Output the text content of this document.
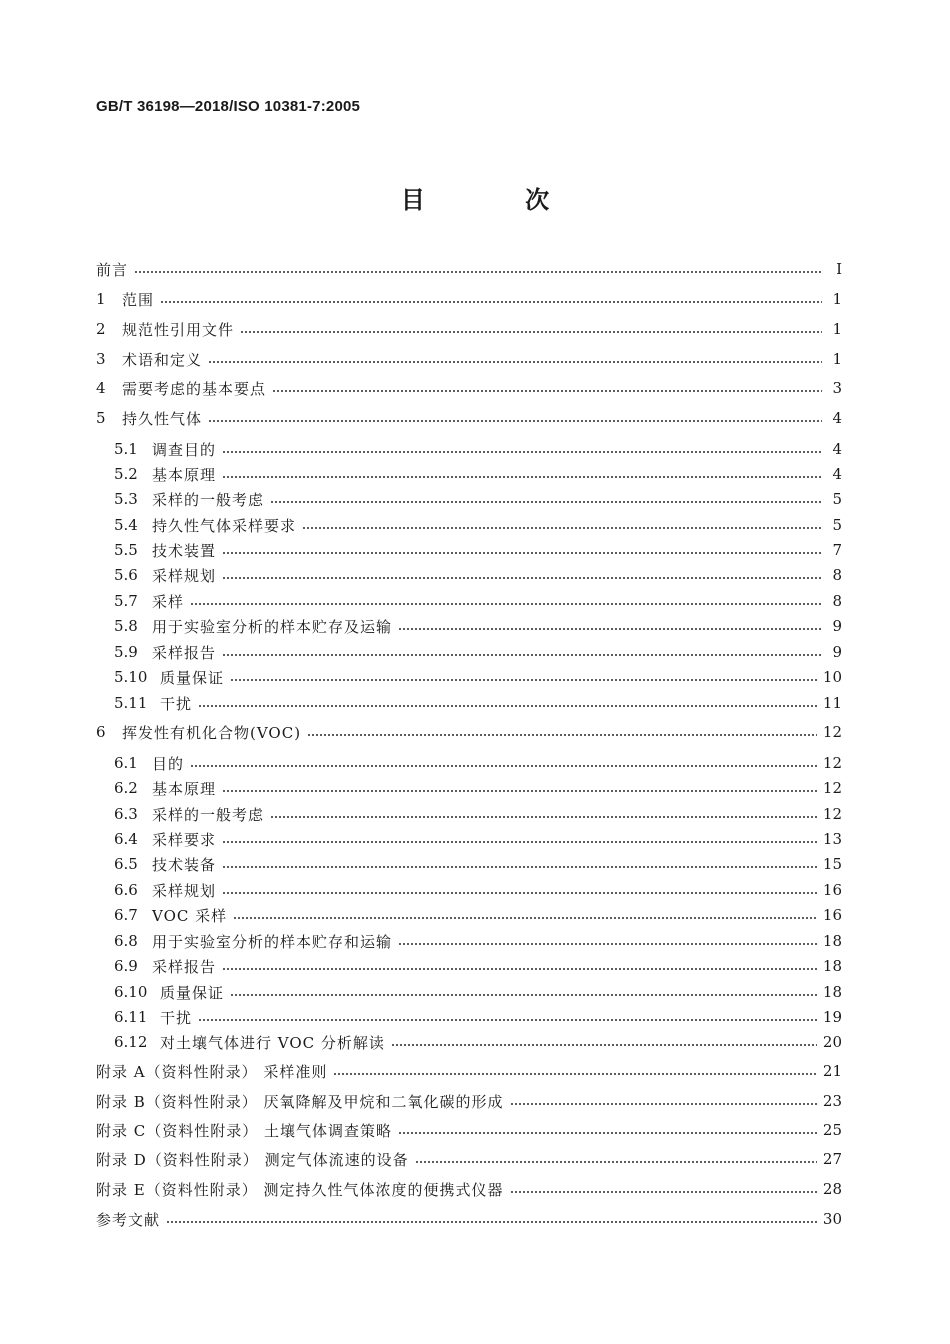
GB/T 36198—2018/ISO 10381-7:2005
目 次
前言	Ⅰ
1	范围	1
2	规范性引用文件	1
3	术语和定义	1
4	需要考虑的基本要点	3
5	持久性气体	4
5.1 调查目的	4
5.2 基本原理	4
5.3 采样的一般考虑	5
5.4 持久性气体采样要求	5
5.5 技术装置	7
5.6 采样规划	8
5.7 采样	8
5.8 用于实验室分析的样本贮存及运输	9
5.9 采样报告	9
5.10 质量保证	10
5.11 干扰	11
6	挥发性有机化合物(VOC)	12
6.1 目的	12
6.2 基本原理	12
6.3 采样的一般考虑	12
6.4 采样要求	13
6.5 技术装备	15
6.6 采样规划	16
6.7 VOC 采样	16
6.8 用于实验室分析的样本贮存和运输	18
6.9 采样报告	18
6.10 质量保证	18
6.11 干扰	19
6.12 对土壤气体进行 VOC 分析解读	20
附录 A（资料性附录） 采样准则	21
附录 B（资料性附录） 厌氧降解及甲烷和二氧化碳的形成	23
附录 C（资料性附录） 土壤气体调查策略	25
附录 D（资料性附录） 测定气体流速的设备	27
附录 E（资料性附录） 测定持久性气体浓度的便携式仪器	28
参考文献	30
